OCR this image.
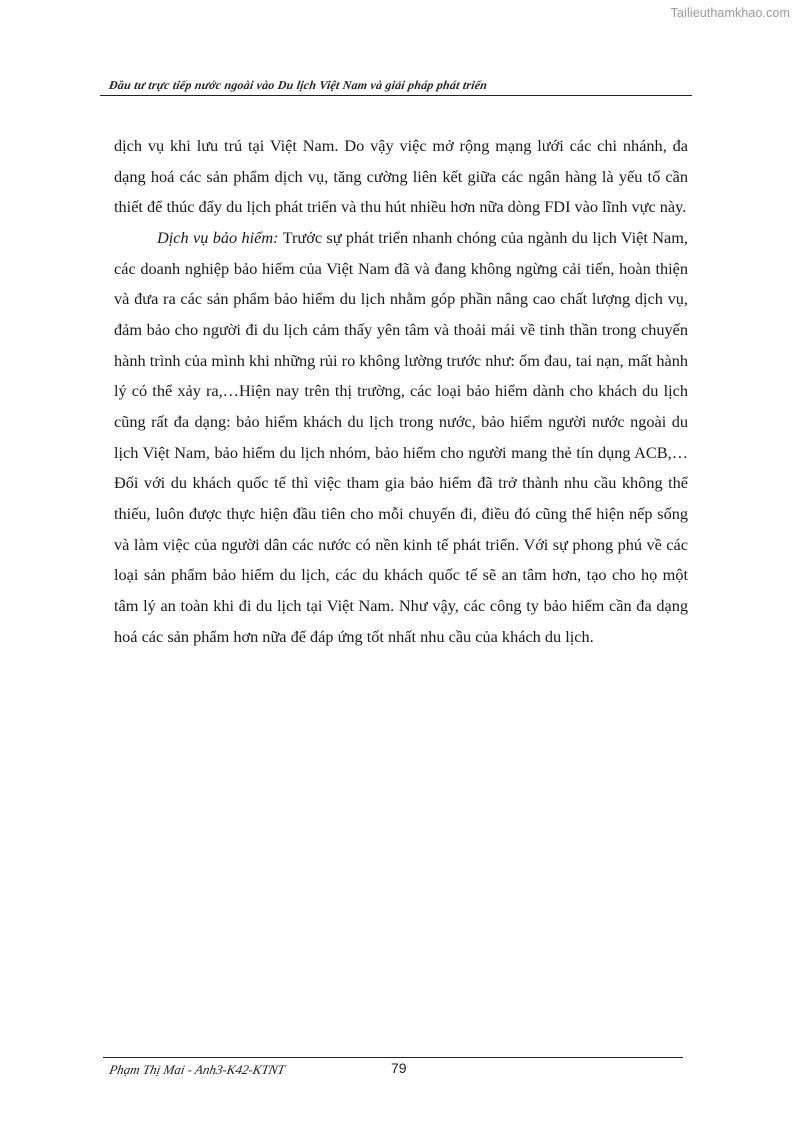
Tailieuthamkhao.com
Đầu tư trực tiếp nước ngoài vào Du lịch Việt Nam và giải pháp phát triển

dịch vụ khi lưu trú tại Việt Nam. Do vậy việc mở rộng mạng lưới các chi nhánh, đa dạng hoá các sản phẩm dịch vụ, tăng cường liên kết giữa các ngân hàng là yếu tố cần thiết để thúc đẩy du lịch phát triển và thu hút nhiều hơn nữa dòng FDI vào lĩnh vực này.

Dịch vụ bảo hiểm: Trước sự phát triển nhanh chóng của ngành du lịch Việt Nam, các doanh nghiệp bảo hiểm của Việt Nam đã và đang không ngừng cải tiến, hoàn thiện và đưa ra các sản phẩm bảo hiểm du lịch nhằm góp phần nâng cao chất lượng dịch vụ, đảm bảo cho người đi du lịch cảm thấy yên tâm và thoải mái về tinh thần trong chuyến hành trình của mình khi những rủi ro không lường trước như: ốm đau, tai nạn, mất hành lý có thể xảy ra,…Hiện nay trên thị trường, các loại bảo hiểm dành cho khách du lịch cũng rất đa dạng: bảo hiểm khách du lịch trong nước, bảo hiểm người nước ngoài du lịch Việt Nam, bảo hiểm du lịch nhóm, bảo hiểm cho người mang thẻ tín dụng ACB,… Đối với du khách quốc tế thì việc tham gia bảo hiểm đã trở thành nhu cầu không thể thiếu, luôn được thực hiện đầu tiên cho mỗi chuyến đi, điều đó cũng thể hiện nếp sống và làm việc của người dân các nước có nền kinh tế phát triển. Với sự phong phú về các loại sản phẩm bảo hiểm du lịch, các du khách quốc tế sẽ an tâm hơn, tạo cho họ một tâm lý an toàn khi đi du lịch tại Việt Nam. Như vậy, các công ty bảo hiểm cần đa dạng hoá các sản phẩm hơn nữa để đáp ứng tốt nhất nhu cầu của khách du lịch.

Phạm Thị Mai - Anh3-K42-KTNT	79
